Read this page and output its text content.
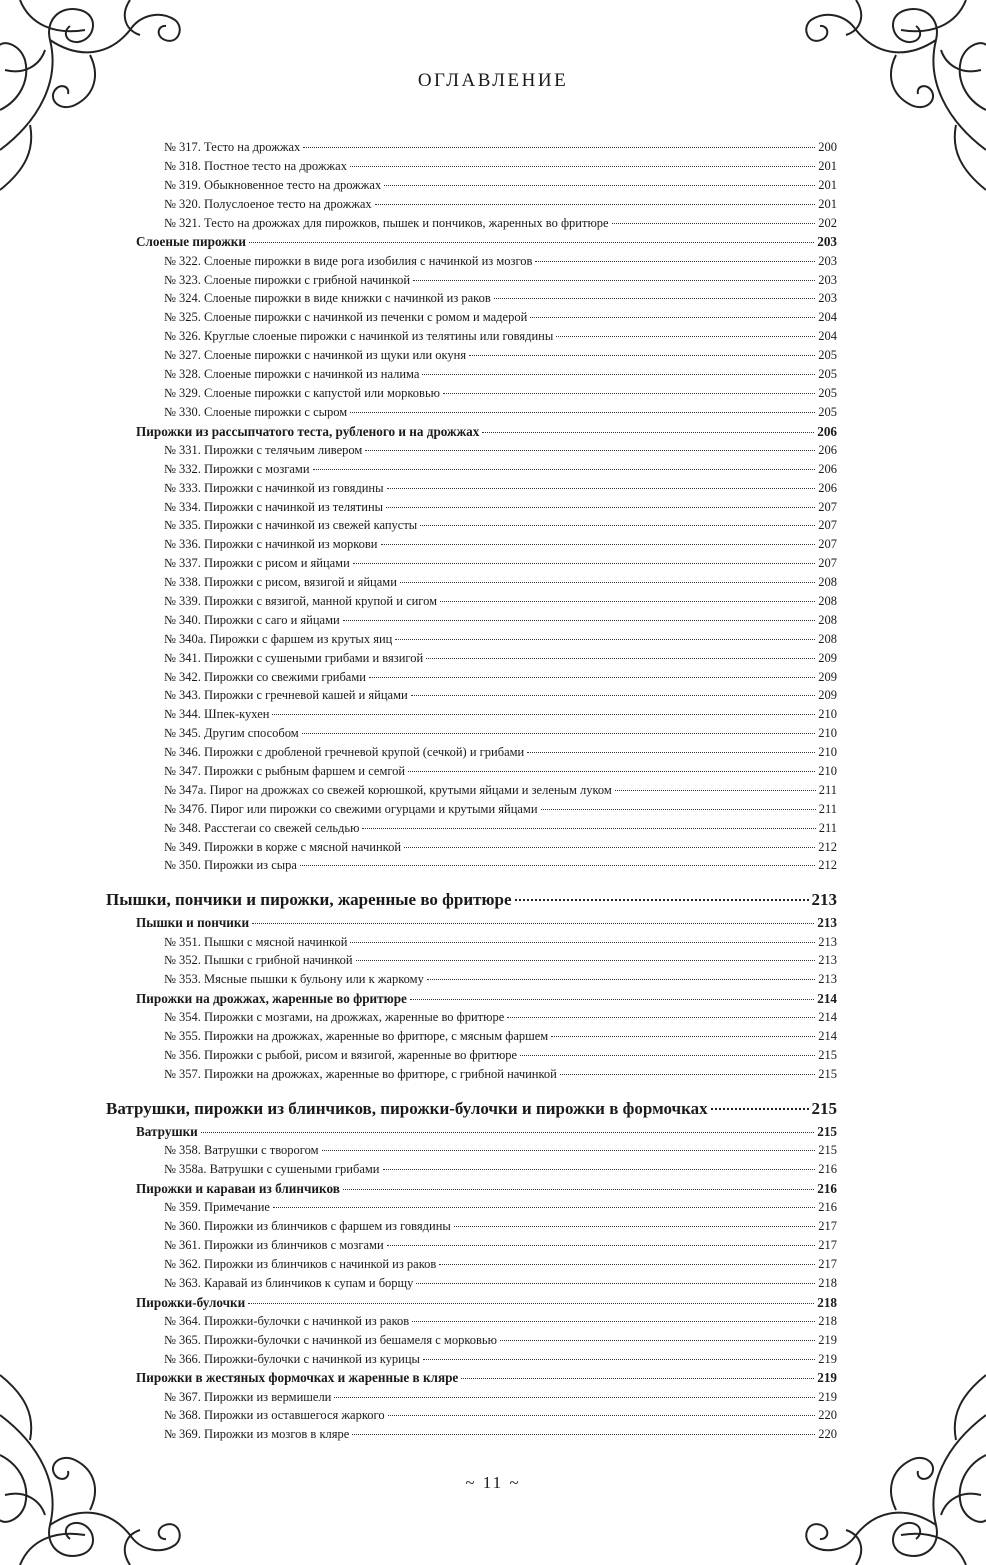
ОГЛАВЛЕНИЕ
№ 317. Тесто на дрожжах	200
№ 318. Постное тесто на дрожжах	201
№ 319. Обыкновенное тесто на дрожжах	201
№ 320. Полуслоеное тесто на дрожжах	201
№ 321. Тесто на дрожжах для пирожков, пышек и пончиков, жаренных во фритюре	202
Слоеные пирожки	203
№ 322. Слоеные пирожки в виде рога изобилия с начинкой из мозгов	203
№ 323. Слоеные пирожки с грибной начинкой	203
№ 324. Слоеные пирожки в виде книжки с начинкой из раков	203
№ 325. Слоеные пирожки с начинкой из печенки с ромом и мадерой	204
№ 326. Круглые слоеные пирожки с начинкой из телятины или говядины	204
№ 327. Слоеные пирожки с начинкой из щуки или окуня	205
№ 328. Слоеные пирожки с начинкой из налима	205
№ 329. Слоеные пирожки с капустой или морковью	205
№ 330. Слоеные пирожки с сыром	205
Пирожки из рассыпчатого теста, рубленого и на дрожжах	206
№ 331. Пирожки с телячьим ливером	206
№ 332. Пирожки с мозгами	206
№ 333. Пирожки с начинкой из говядины	206
№ 334. Пирожки с начинкой из телятины	207
№ 335. Пирожки с начинкой из свежей капусты	207
№ 336. Пирожки с начинкой из моркови	207
№ 337. Пирожки с рисом и яйцами	207
№ 338. Пирожки с рисом, вязигой и яйцами	208
№ 339. Пирожки с вязигой, манной крупой и сигом	208
№ 340. Пирожки с саго и яйцами	208
№ 340а. Пирожки с фаршем из крутых яиц	208
№ 341. Пирожки с сушеными грибами и вязигой	209
№ 342. Пирожки со свежими грибами	209
№ 343. Пирожки с гречневой кашей и яйцами	209
№ 344. Шпек-кухен	210
№ 345. Другим способом	210
№ 346. Пирожки с дробленой гречневой крупой (сечкой) и грибами	210
№ 347. Пирожки с рыбным фаршем и семгой	210
№ 347а. Пирог на дрожжах со свежей корюшкой, крутыми яйцами и зеленым луком	211
№ 347б. Пирог или пирожки со свежими огурцами и крутыми яйцами	211
№ 348. Расстегаи со свежей сельдью	211
№ 349. Пирожки в корже с мясной начинкой	212
№ 350. Пирожки из сыра	212
Пышки, пончики и пирожки, жаренные во фритюре	213
Пышки и пончики	213
№ 351. Пышки с мясной начинкой	213
№ 352. Пышки с грибной начинкой	213
№ 353. Мясные пышки к бульону или к жаркому	213
Пирожки на дрожжах, жаренные во фритюре	214
№ 354. Пирожки с мозгами, на дрожжах, жаренные во фритюре	214
№ 355. Пирожки на дрожжах, жаренные во фритюре, с мясным фаршем	214
№ 356. Пирожки с рыбой, рисом и вязигой, жаренные во фритюре	215
№ 357. Пирожки на дрожжах, жаренные во фритюре, с грибной начинкой	215
Ватрушки, пирожки из блинчиков, пирожки-булочки и пирожки в формочках	215
Ватрушки	215
№ 358. Ватрушки с творогом	215
№ 358а. Ватрушки с сушеными грибами	216
Пирожки и караваи из блинчиков	216
№ 359. Примечание	216
№ 360. Пирожки из блинчиков с фаршем из говядины	217
№ 361. Пирожки из блинчиков с мозгами	217
№ 362. Пирожки из блинчиков с начинкой из раков	217
№ 363. Каравай из блинчиков к супам и борщу	218
Пирожки-булочки	218
№ 364. Пирожки-булочки с начинкой из раков	218
№ 365. Пирожки-булочки с начинкой из бешамеля с морковью	219
№ 366. Пирожки-булочки с начинкой из курицы	219
Пирожки в жестяных формочках и жаренные в кляре	219
№ 367. Пирожки из вермишели	219
№ 368. Пирожки из оставшегося жаркого	220
№ 369. Пирожки из мозгов в кляре	220
~ 11 ~
